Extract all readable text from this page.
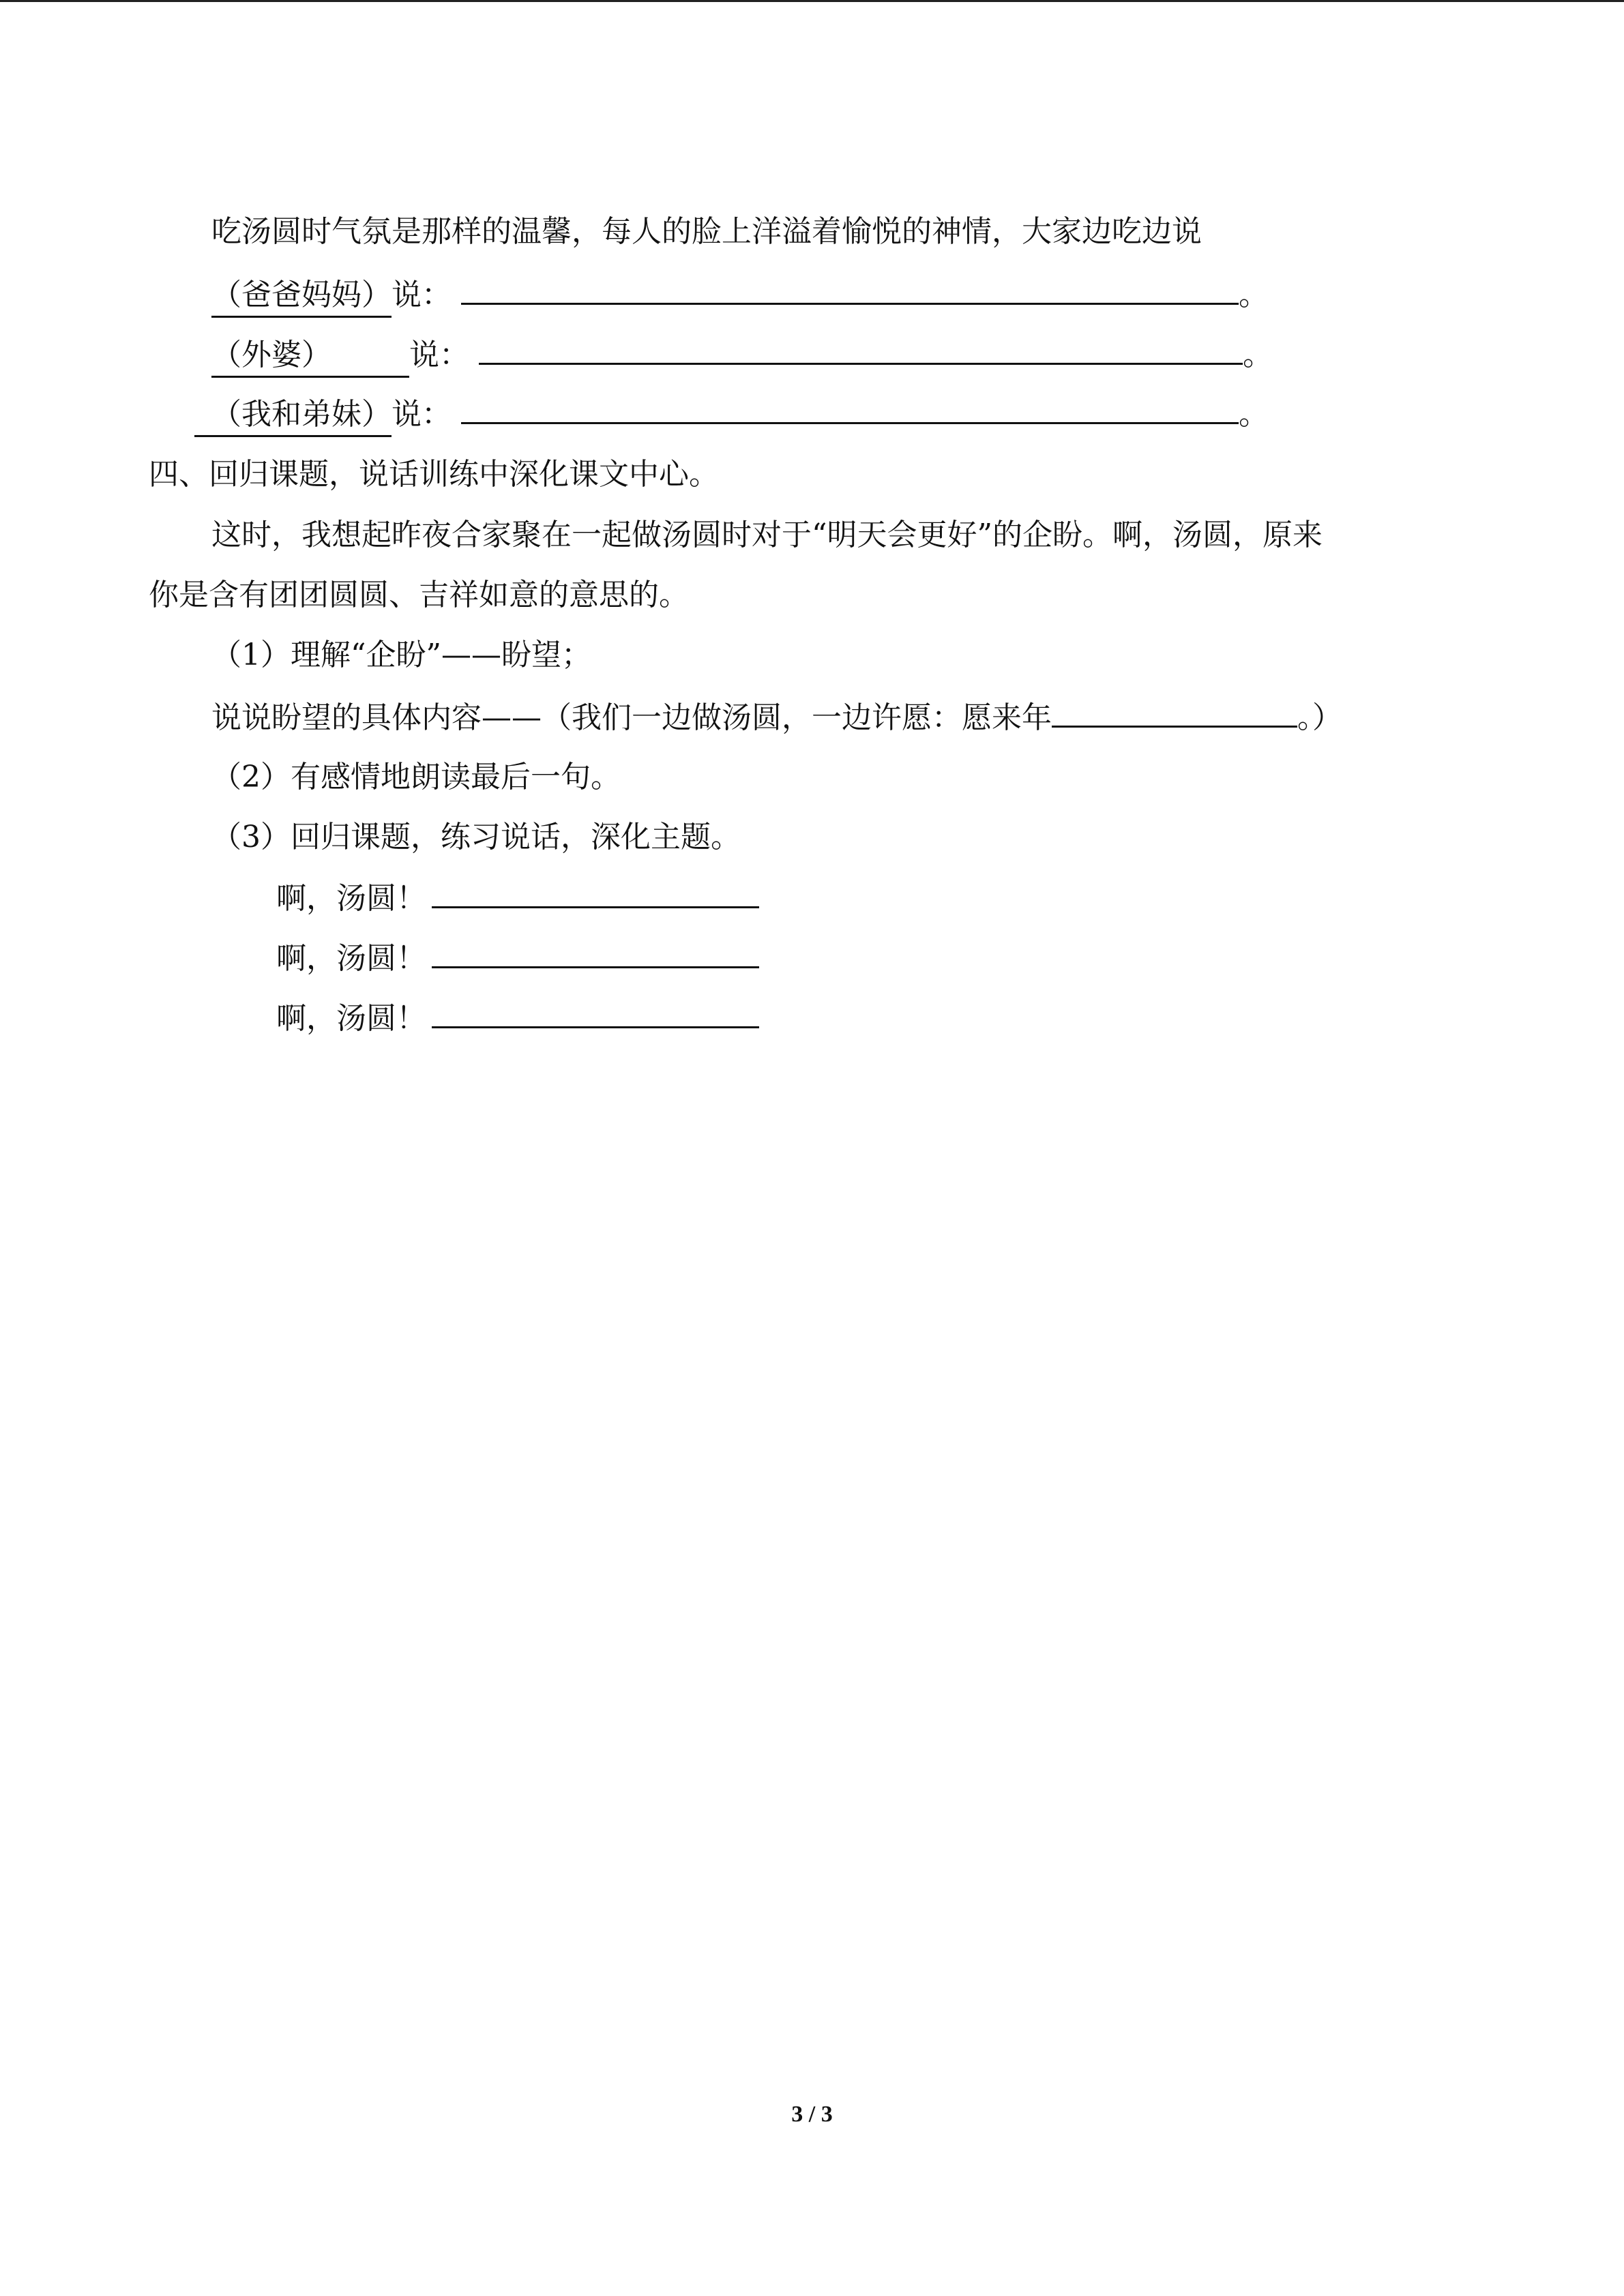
吃汤圆时气氛是那样的温馨，每人的脸上洋溢着愉悦的神情，大家边吃边说
（爸爸妈妈）说：	。
（外婆）	说：	。
（我和弟妹）说：	。
四、回归课题，说话训练中深化课文中心。
这时，我想起昨夜合家聚在一起做汤圆时对于“明天会更好”的企盼。啊，汤圆，原来
你是含有团团圆圆、吉祥如意的意思的。
（1）理解“企盼”——盼望；
说说盼望的具体内容——（我们一边做汤圆，一边许愿：愿来年	。）
（2）有感情地朗读最后一句。
（3）回归课题，练习说话，深化主题。
啊，汤圆！
啊，汤圆！
啊，汤圆！
3 / 3
